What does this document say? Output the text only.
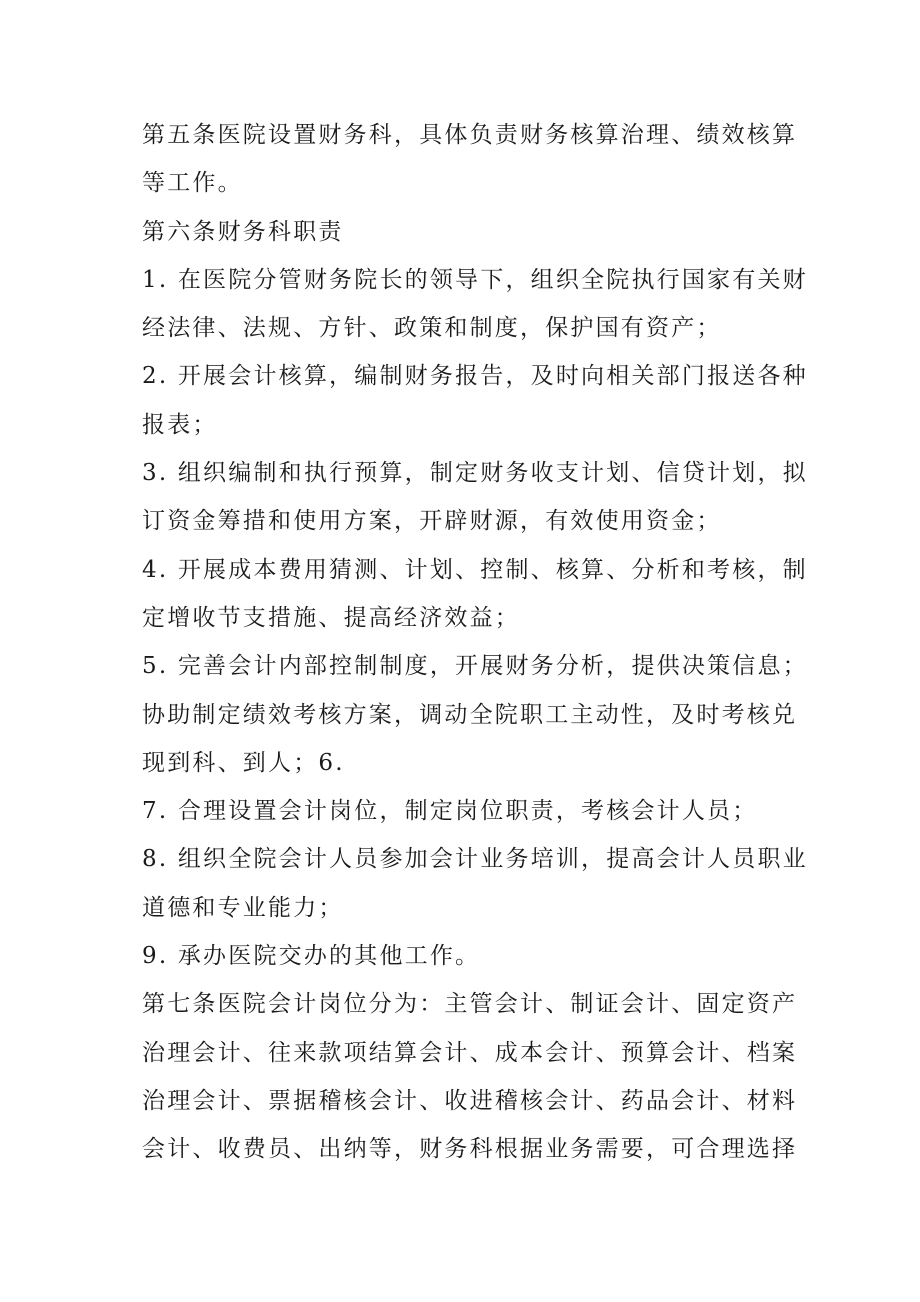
第五条医院设置财务科，具体负责财务核算治理、绩效核算
等工作。
第六条财务科职责
1. 在医院分管财务院长的领导下，组织全院执行国家有关财
经法律、法规、方针、政策和制度，保护国有资产；
2. 开展会计核算，编制财务报告，及时向相关部门报送各种
报表；
3. 组织编制和执行预算，制定财务收支计划、信贷计划，拟
订资金筹措和使用方案，开辟财源，有效使用资金；
4. 开展成本费用猜测、计划、控制、核算、分析和考核，制
定增收节支措施、提高经济效益；
5. 完善会计内部控制制度，开展财务分析，提供决策信息；
协助制定绩效考核方案，调动全院职工主动性，及时考核兑
现到科、到人；6.
7. 合理设置会计岗位，制定岗位职责，考核会计人员；
8. 组织全院会计人员参加会计业务培训，提高会计人员职业
道德和专业能力；
9. 承办医院交办的其他工作。
第七条医院会计岗位分为：主管会计、制证会计、固定资产
治理会计、往来款项结算会计、成本会计、预算会计、档案
治理会计、票据稽核会计、收进稽核会计、药品会计、材料
会计、收费员、出纳等，财务科根据业务需要，可合理选择
